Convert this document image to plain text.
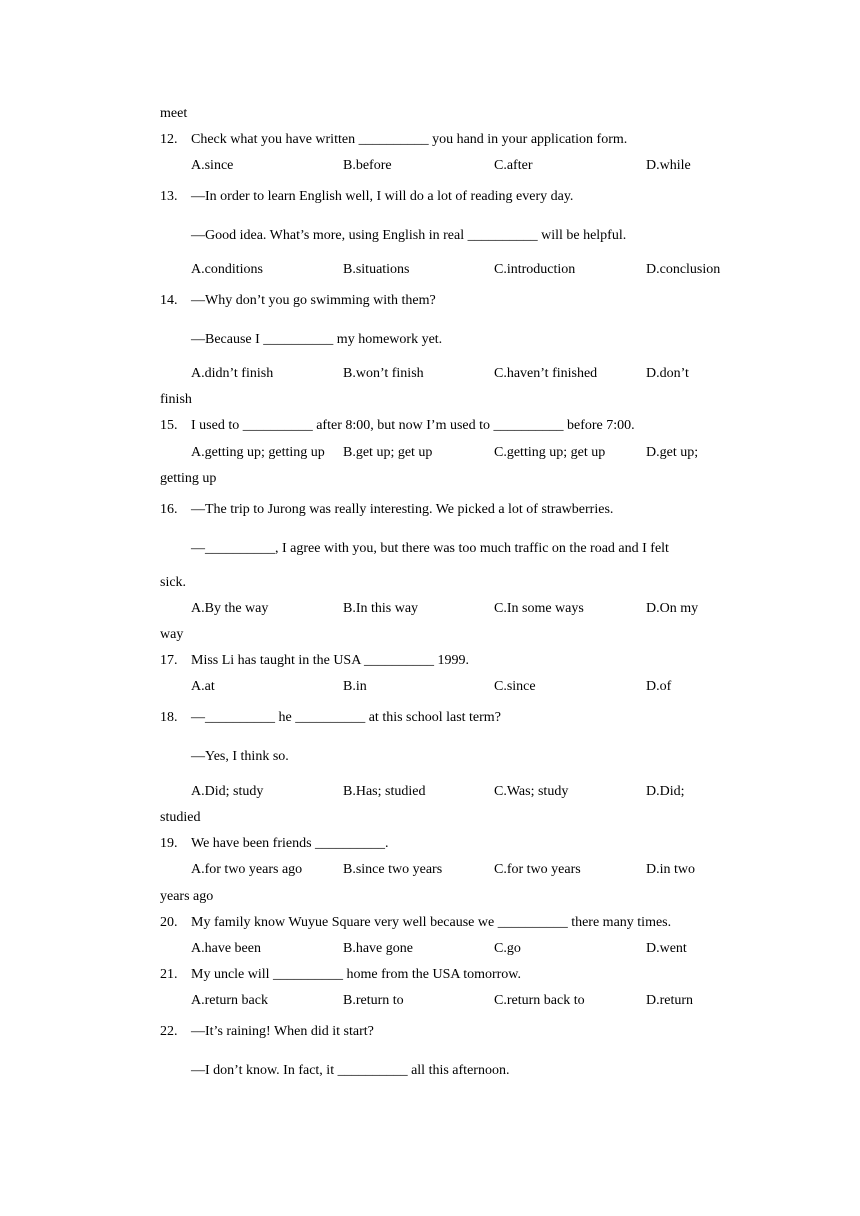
meet
12. Check what you have written __________ you hand in your application form.
A.since	B.before	C.after	D.while
13. —In order to learn English well, I will do a lot of reading every day.
—Good idea. What’s more, using English in real __________ will be helpful.
A.conditions	B.situations	C.introduction	D.conclusion
14. —Why don’t you go swimming with them?
—Because I __________ my homework yet.
A.didn’t finish	B.won’t finish	C.haven’t finished	D.don’t
finish
15. I used to __________ after 8:00, but now I’m used to __________ before 7:00.
A.getting up; getting up B.get up; get up	C.getting up; get up	D.get up;
getting up
16. —The trip to Jurong was really interesting. We picked a lot of strawberries.
—__________, I agree with you, but there was too much traffic on the road and I felt
sick.
A.By the way	B.In this way	C.In some ways	D.On my
way
17. Miss Li has taught in the USA __________ 1999.
A.at	B.in	C.since	D.of
18. —__________ he __________ at this school last term?
—Yes, I think so.
A.Did; study	B.Has; studied	C.Was; study	D.Did;
studied
19. We have been friends __________.
A.for two years ago	B.since two years	C.for two years	D.in two
years ago
20. My family know Wuyue Square very well because we __________ there many times.
A.have been	B.have gone	C.go	D.went
21. My uncle will __________ home from the USA tomorrow.
A.return back	B.return to	C.return back to	D.return
22. —It’s raining! When did it start?
—I don’t know. In fact, it __________ all this afternoon.
